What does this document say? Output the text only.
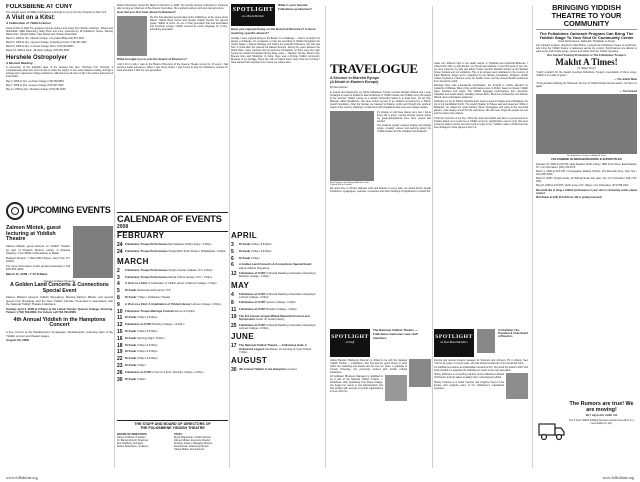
FOLKSBIENE AT CUNY
This popular series of FREE performances is brought to you by the City University of New York.
A Visit on a Kitsl:
A Celebration of Yiddish Humor
Jacob & Moe to Dad! The greatest comedy routines and songs from Shelem Aleichem, Shtayn and Shacharitin, Mikkl Rosenberg, Molly Picon and more, presented by Di Folksbiene Troupe. Starring Rachel Tam, Hannah Gilbert, Kate Schaef and Christen Rosenblatt.
March 4, 2008 at 7pm • Baruch College, Long Island Bldg (212) 870-4000
March 5, 2008 at 1pm • Queens College, Kupferberg Center (718) 997-4646
March 9, 2008 at 2pm • Lehman College, Bronx (718) 960-8833
March 12, 2008 at 12pm • Brooklyn College (718) 951-5000
Hershele Ostropolyer
A Musical Reading
A reinvention of the delightful tales of the beloved folk hero, Hershele from Ostropol, a compassionate joker who uses his wits to outfox the mighty. In this newly adapted reading, through a strange twist, organizers of large institutions, staff and trees all come to life in the stories and panel of local artists.
May 3, 2008 at 7pm • Lehman College (718) 960-8833
May 7, 2008 at 1pm • Queens College (718) 997-4646
May 11, 2008 at 2pm • Brooklyn College (718) 951-5000
UPCOMING EVENTS
Zalmen Mlotek, guest lecturing at Yiddish Theatre
Zalmen Mlotek, guest lecturer on Yiddish Theatre as part of Rodeph Sholom series: A Musical Tapestry: From Bible to Broadway to Ballet.
Rodeph Sholom, 7 West 83rd Street, New York, NY 10024
For more information email: [email protected] or call 646-454-3030
March 11, 2008 • 7:15-8:30pm
Queens College Presents
A Golden Land Concerts & Connections Special Event
Zalmen Mlotek's Queens Yiddish Sing-along. Starring Zalmen Mlotek, and special guests from Broadway and the New Yiddish Chorale. Presented in association with the National Yiddish Theatre-Folksbiene.
Sunday, April 6, 2008 at 2:00pm at the Lefrak Theater, Queens College, Flushing. Tickets: (718) 793-8080. For tickets call 718-793-8080.
4th Annual Yiddish in the Hamptons Concert
A free concert at the Westhampton Synagogue, Westhampton, featuring stars of the Yiddish concert and theater stages.
August 30, 2008
Robert Rosenblum joined the Board of Directors in 2005. He recently became Folksbiene's Treasurer after serving as Chairman of the Finance Committee. He is actively raising a rich and visionary future.
How did you first hear about Folksbiene?
My wife had attended several plays at the Folksbiene, at the venue at the Ratner Yiddish Book Center and speaks Yiddish fluently. My parents spoke Yiddish at home. As one of that generation that was assimilated into American society, Yiddish seemed an exotic language for a forty-something generation.
What brought you to join the Board of Directors?
I did it for my wife; I was on the Board of Directors of the Queens Theatre Center for 15 years. I had previous board experience. When I was newly invited, I was moved to help the Folksbiene continue its work and share it with the next generation.
CALENDAR OF EVENTS 2008
FEBRUARY
24 Folksbiene Troupe Performance East Meadow Public Library • 2:00pm
24 Folksbiene Troupe Performance Temple Beth Torah Sholem, Philadelphia • 3:00pm
MARCH
2	Folksbiene Troupe Performance Temple Ansche, Flatlawn, NJ • 3:00pm
3	Folksbiene Troupe Performance Ethical Culture Society, NYC • 7:00pm
4	A Visit on a Kitsl: A Celebration of Yiddish Humor at Baruch College • 7:00pm
5	Di Kvakr Rehearsal performance, NYC
8	Di Kvakr 7:30pm • Folksbiene Theater
9	A Visit on a Kitsl: A Celebration of Yiddish Humor Lehman College • 2:00pm
10 Folksbiene Troupe Marriage Contract Dinner at 6:00pm
11 Di Kvakr 2:00pm & 8:00pm
12 Folksbiene at CUNY Brooklyn College • 12:00pm
15 Di Kvakr 2:00pm & 8:00pm
16 Di Kvakr Opening Night • 8:00pm
18 Di Kvakr 2:00pm & 8:00pm
19 Di Kvakr 2:00pm & 8:00pm
22 Di Kvakr 2:00pm & 8:00pm
23 Di Kvakr 2:00pm
26 Folksbiene at CUNY A Visit on a Kitsl • Brooklyn College • 2:00pm
30 Di Kvakr 2:00pm
THE STAFF AND BOARD OF DIRECTORS OF
THE FOLKSBIENE YIDDISH THEATRE
BOARD OF DIRECTORS
Harvey Hoffman, President
Dr. Barnett Zumoff, Chairman
Eric Goldberg, Secretary
Robert Rosenblum, Treasurer
STAFF
Bryna Wasserman, Artistic Director
Zalmen Mlotek, Executive Director
Kimberly Kasten, Managing Director
Dina Rotman, Marketing Director
Chana Mlotek, Development
SPOTLIGHT
on a Board Member
What is your favorite Folksbiene production?
Have you enjoyed being on the Board of Directors? Is there anything specific about it?
Actually, I have enjoyed being on the Board. It's a challenge — there's no depth, but always a challenge. It's a pleasure to help the spending of Yiddish throughout the United States. I believe Heritage and history are powerful influences. My wife was born in Cuba after her parents left Eastern Europe. During the years between the World Wars, many countries did not welcome immigrants, so there were five main centers for Jewish immigration during those years — Havana, Toronto, Mexico City, Buenos Aires and Shanghai. In Cuba, there was a thriving Yiddish community. Because of my heritage, where the roots of Castro drove many Jews out of Cuba, I have learned how important it is to keep our culture alive.
APRIL
3	Di Kvakr 2:00pm & 8:00pm
5	Di Kvakr 2:00pm & 8:00pm
6	Di Kvakr 2:00pm
6	A Golden Land Concerts & Connections Special Event: Zalmen Mlotek Sing-along
12 Folksbiene at CUNY A Musical Reading of Hershele Ostropolyer Brooklyn College • 2:00pm
MAY
4	Folksbiene at CUNY A Musical Reading of Hershele Ostropolyer Lehman College • 2:00pm
8	Folksbiene at CUNY Queens College • 1:00pm
11 Folksbiene at CUNY Brooklyn College • 2:00pm
19 The 3rd Annual Joseph Mlotek Memorial Concert and Symposium Center for Jewish History
25 Folksbiene at CUNY A Musical Reading of Hershele Ostropolyer Lehman College • 2:00pm
JUNE
17 The National Yiddish Theatre — Folksbiene Gala: A Hollywood Legend Carl Reiner: An evening of music Tickets: 7:30pm
AUGUST
30 4th Annual Yiddish in the Hamptons Concert
TRAVELOGUE
A Klezmer in Mizrekh Eyrope
(A Month in Eastern Europe)
By Neal Gelman
In August and September my fellow Folksbiene Troupe member Morgan Ahlsted and I were privileged to travel to Poland to lead workshops in Yiddish theatre and Yiddish song. We taught at the summer Yiddish course at a Jewish community based in a small town, not far from Warsaw, called Siedliszcze. We were invited as part of an initiative sponsored by a Polish-Jewish foundation. After the festival, we traveled to Krakow, Lublin and through the southern region of the country, stopping in small towns with populations that once were largely Jewish.
Neal Gelman and Morgan Ahlsted at the Yiddish Ball in Krakow
It's strange to visit these places as a Jew. I felt at times like a ghost, moving through streets where my great-grandparents once lived, prayed and worked.
The students greatly enjoyed singing and playing songs, creating scenes and learning about the Yiddish theater and the traditions that shaped it.
We spent time in Chmiel, Warsaw, Lodz and Krakow. In every town, we visited former Jewish institutions, synagogues, yeshivas, cemeteries and other buildings of significance to Jewish life.
SPOTLIGHT
on Staff
The National Yiddish Theatre — Folksbiene welcomes new staff members.
Ashley Bandler (Marketing Director) is thrilled to be with the National Yiddish Theatre — Folksbiene. She has had the good fortune to work within the marketing and theatre arts for over ten years. A graduate of Cornell University, she previously worked with Jewish cultural institutions.
Jill Goldstein (Business Manager) is delighted to be a part of the National Yiddish Theatre — Folksbiene. After graduating from Ithaca College, she began her career in arts administration and has worked with several non-profit organizations in New York City.
made very different trips to the death camps of Treblinka and Auschwitz-Birkenau. I visited them with my wife Rachel, her friends and relatives. In the third week of our visit, we were joined by my wife and fellow Troupe member Danielle Gordon at the Warsaw Singer Festival and our workshop. This is an annual event dedicated to the memory of Isaac Bashevis Singer and is organized by the Shalom Foundation. Krakow's Jewish Culture Festival is a famous venue for Jewish music, and the streets fill with performers from around the world.
Although there was international participation, the Festival is mainly attended by residents of Warsaw. Many of the performances were in Polish, based on classic Yiddish plays, literature and songs. The Yiddish language performances from American, Canadian and Israeli artists, including Joanne Borts, Binyumen Schaechter and Zalmen Mlotek, drew enthusiastic audiences.
Following our trip to Poland, Danielle and I spent a week in Prague and at Budapest, the city of my grandfather's birth. The Jewish Quarter in Prague was well preserved. While in Budapest, we visited the great Dohány Street Synagogue and sang at the memorial garden. I was deeply moved by this experience. We will never forget the people we met and the stories they shared.
Of all the moments of our trip, I think the most memorable was when a young woman in Krakow asked us to teach her a Yiddish song her grandmother used to sing. We were excited to share it and to see how much it meant to her. Yiddish is alive in Poland and we feel privileged to have played a part in it.
SPOTLIGHT
on New Board Members
Uri Kaufthal, Vice President & Chair Board of Directors
Internal and special projects manager for Solomon and Johnson, PC in Albany, New York for six years. In recent years, she has worked as Director of the Fresh Aid Fund.
Uri Kaufthal is a partner at a Manhattan investment firm. He joined the board in 2007 and looks forward to expanding the Folksbiene's reach to the next generation.
Shirley Robinson is a founding member of the Folksbiene's Board of Directors and has taken a leading role in development efforts.
Shirley Federow is a board member and longtime friend of the theatre who supports many of the Folksbiene's educational programs.
BRINGING YIDDISH THEATRE TO YOUR COMMUNITY
The Folksbiene Outreach Program Can Bring The Yiddish Stage To Your Shul Or Community Center
Great Performances, Nationally, Worldwide, in-house!
Our outreach program, directed by Motl Didner, presents the Folksbiene Troupe of performers, who bring the Yiddish theatre to audiences across the country. Performances are tailored to each venue and include songs, scenes and stories from the Yiddish repertoire.
Our Current Touring Production is The Folksbiene Troupe's
Makht A Times!
(A Yiddish Time!)
"Joyful, ecstatic! For the Jewish American Folksbiene Troupe's presentation of these songs, Yiddish is in a state of grace."
— The Jewish Week
"In the decades following the Holocaust, the loss of Yiddish theatre felt permanent. Yet here it is again."
— The Forward
The Folksbiene Troupe in Makht A Times
FOLKSBIENE IN NEIGHBORHOODS & SUPERTITLES
February 24, 2008 at 2:00 PM • East Meadow Public Library, 1886 Front Street, East Meadow, NY • For information: (516) 794-2570
March 2, 2008 at 3:00 PM • Congregation Rodeph Sholom, 410 Riverside Drive, New York • (212) 867-5300
March 9, 2008 • Temple Avoda, 10 Hoffman Road, Fair Lawn, NJ • For information: (201) 797-9321
May 18, 2008 at 2:00 PM • North Jersey JCC, Wayne • For information: (973) 595-0100
We would like to bring a Yiddish performance to your shul or community center, please contact:
Motl Didner at (212) 213-2120 ext. 202 or [email protected]
The Rumors are true! We are moving!
Vu? vayn mir nokh nit.
The 3 level Yiddish building has been sold and we will be in a new location by July.
www.folkshtine.org	www.folkshtine.org
